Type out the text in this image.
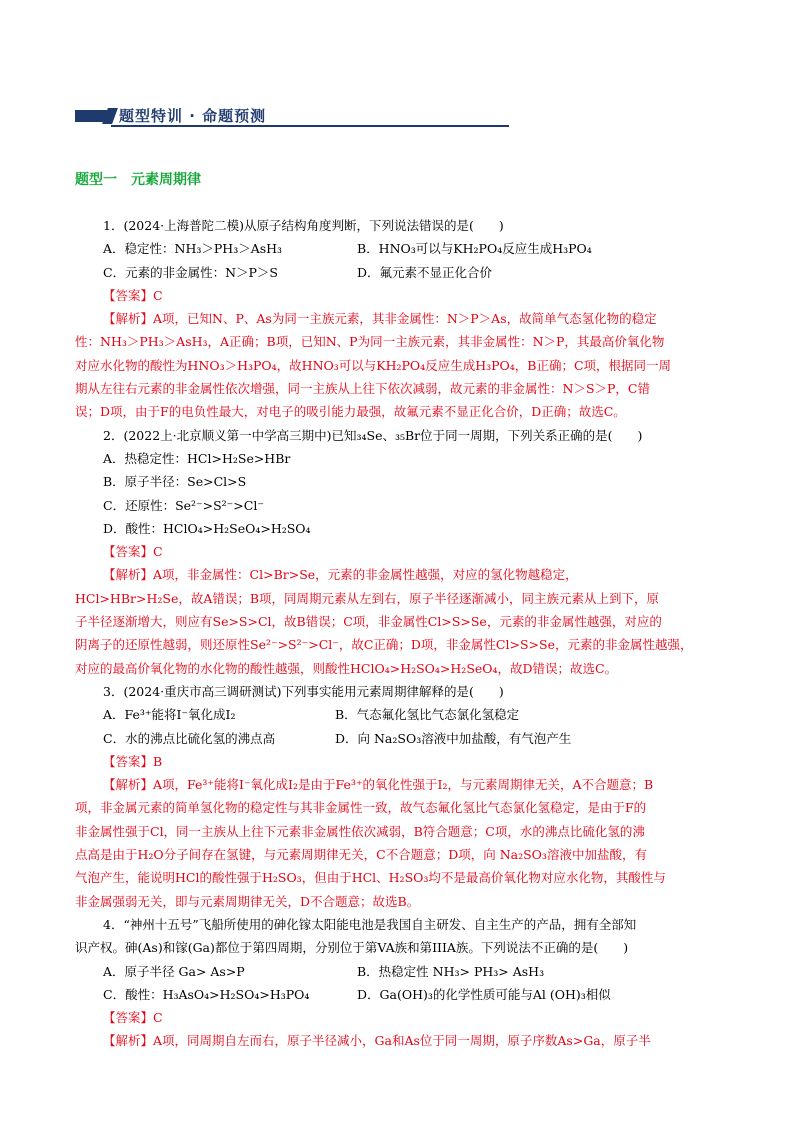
题型特训 · 命题预测
题型一 元素周期律
1．(2024·上海普陀二模)从原子结构角度判断，下列说法错误的是(　　)
A．稳定性：NH₃＞PH₃＞AsH₃	B．HNO₃可以与KH₂PO₄反应生成H₃PO₄
C．元素的非金属性：N＞P＞S	D．氟元素不显正化合价
【答案】C
【解析】A项，已知N、P、As为同一主族元素，其非金属性：N＞P＞As，故简单气态氢化物的稳定
性：NH₃＞PH₃＞AsH₃，A正确；B项，已知N、P为同一主族元素，其非金属性：N＞P，其最高价氧化物
对应水化物的酸性为HNO₃＞H₃PO₄，故HNO₃可以与KH₂PO₄反应生成H₃PO₄，B正确；C项，根据同一周
期从左往右元素的非金属性依次增强，同一主族从上往下依次减弱，故元素的非金属性：N＞S＞P，C错
误；D项，由于F的电负性最大，对电子的吸引能力最强，故氟元素不显正化合价，D正确；故选C。
2．(2022上·北京顺义第一中学高三期中)已知₃₄Se、₃₅Br位于同一周期，下列关系正确的是(　　)
A．热稳定性：HCl>H₂Se>HBr
B．原子半径：Se>Cl>S
C．还原性：Se²⁻>S²⁻>Cl⁻
D．酸性：HClO₄>H₂SeO₄>H₂SO₄
【答案】C
【解析】A项，非金属性：Cl>Br>Se，元素的非金属性越强，对应的氢化物越稳定，
HCl>HBr>H₂Se，故A错误；B项，同周期元素从左到右，原子半径逐渐减小，同主族元素从上到下，原
子半径逐渐增大，则应有Se>S>Cl，故B错误；C项，非金属性Cl>S>Se，元素的非金属性越强，对应的
阴离子的还原性越弱，则还原性Se²⁻>S²⁻>Cl⁻，故C正确；D项，非金属性Cl>S>Se，元素的非金属性越强，
对应的最高价氧化物的水化物的酸性越强，则酸性HClO₄>H₂SO₄>H₂SeO₄，故D错误；故选C。
3．(2024·重庆市高三调研测试)下列事实能用元素周期律解释的是(　　)
A．Fe³⁺能将I⁻氧化成I₂	B．气态氟化氢比气态氯化氢稳定
C．水的沸点比硫化氢的沸点高	D．向 Na₂SO₃溶液中加盐酸，有气泡产生
【答案】B
【解析】A项，Fe³⁺能将I⁻氧化成I₂是由于Fe³⁺的氧化性强于I₂，与元素周期律无关，A不合题意；B
项，非金属元素的简单氢化物的稳定性与其非金属性一致，故气态氟化氢比气态氯化氢稳定，是由于F的
非金属性强于Cl，同一主族从上往下元素非金属性依次减弱，B符合题意；C项，水的沸点比硫化氢的沸
点高是由于H₂O分子间存在氢键，与元素周期律无关，C不合题意；D项，向 Na₂SO₃溶液中加盐酸，有
气泡产生，能说明HCl的酸性强于H₂SO₃，但由于HCl、H₂SO₃均不是最高价氧化物对应水化物，其酸性与
非金属强弱无关，即与元素周期律无关，D不合题意；故选B。
4．“神州十五号”飞船所使用的砷化镓太阳能电池是我国自主研发、自主生产的产品，拥有全部知
识产权。砷(As)和镓(Ga)都位于第四周期，分别位于第VA族和第IIIA族。下列说法不正确的是(　　)
A．原子半径 Ga> As>P	B．热稳定性 NH₃> PH₃> AsH₃
C．酸性：H₃AsO₄>H₂SO₄>H₃PO₄	D．Ga(OH)₃的化学性质可能与Al (OH)₃相似
【答案】C
【解析】A项，同周期自左而右，原子半径减小，Ga和As位于同一周期，原子序数As>Ga，原子半
